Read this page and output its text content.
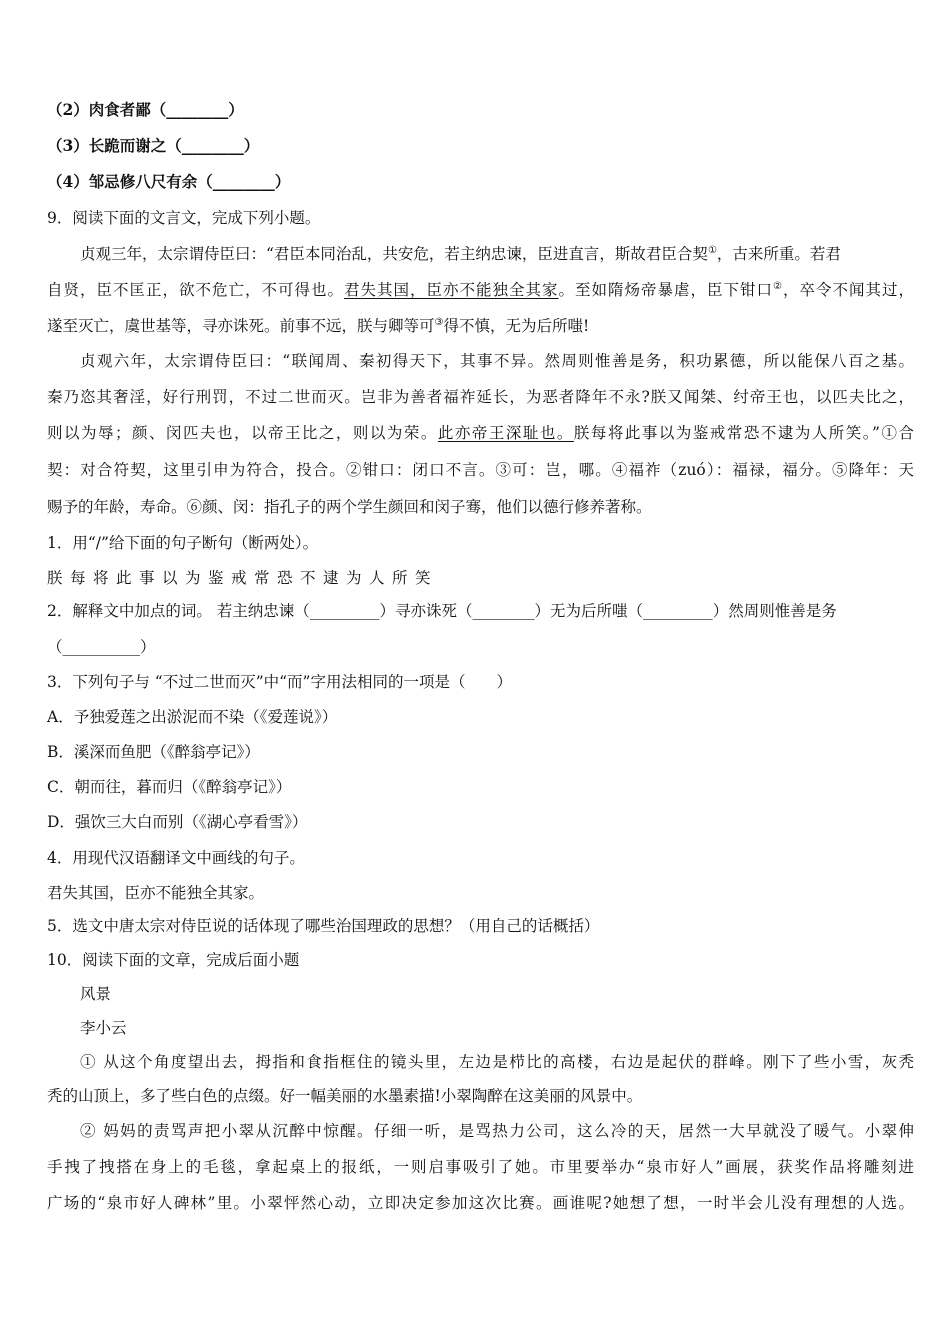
（2）肉食者鄙（________）
（3）长跪而谢之（________）
（4）邹忌修八尺有余（________）
9．阅读下面的文言文，完成下列小题。
贞观三年，太宗谓侍臣曰：“君臣本同治乱，共安危，若主纳忠谏，臣进直言，斯故君臣合契①，古来所重。若君
自贤，臣不匡正，欲不危亡，不可得也。君失其国，臣亦不能独全其家。至如隋炀帝暴虐，臣下钳口②，卒令不闻其过，
遂至灭亡，虞世基等，寻亦诛死。前事不远，朕与卿等可③得不慎，无为后所嗤!
贞观六年，太宗谓侍臣曰：“联闻周、秦初得天下，其事不异。然周则惟善是务，积功累德，所以能保八百之基。
秦乃恣其奢淫，好行刑罚，不过二世而灭。岂非为善者福祚延长，为恶者降年不永?朕又闻桀、纣帝王也，以匹夫比之，
则以为辱；颜、闵匹夫也，以帝王比之，则以为荣。此亦帝王深耻也。朕每将此事以为鉴戒常恐不逮为人所笑。”①合
契：对合符契，这里引申为符合，投合。②钳口：闭口不言。③可：岂，哪。④福祚（zuó）：福禄，福分。⑤降年：天
赐予的年龄，寿命。⑥颜、闵：指孔子的两个学生颜回和闵子骞，他们以德行修养著称。
1．用“/”给下面的句子断句（断两处）。
朕每将此事以为鉴戒常恐不逮为人所笑
2．解释文中加点的词。 若主纳忠谏（_________）寻亦诛死（________）无为后所嗤（_________）然周则惟善是务
（__________）
3．下列句子与 “不过二世而灭”中“而”字用法相同的一项是（　　）
A．予独爱莲之出淤泥而不染（《爱莲说》）
B．溪深而鱼肥（《醉翁亭记》）
C．朝而往，暮而归（《醉翁亭记》）
D．强饮三大白而别（《湖心亭看雪》）
4．用现代汉语翻译文中画线的句子。
君失其国，臣亦不能独全其家。
5．选文中唐太宗对侍臣说的话体现了哪些治国理政的思想？（用自己的话概括）
10．阅读下面的文章，完成后面小题
风景
李小云
① 从这个角度望出去，拇指和食指框住的镜头里，左边是栉比的高楼，右边是起伏的群峰。刚下了些小雪，灰秃
秃的山顶上，多了些白色的点缀。好一幅美丽的水墨素描!小翠陶醉在这美丽的风景中。
② 妈妈的责骂声把小翠从沉醉中惊醒。仔细一听，是骂热力公司，这么冷的天，居然一大早就没了暖气。小翠伸
手拽了拽搭在身上的毛毯，拿起桌上的报纸，一则启事吸引了她。市里要举办“泉市好人”画展，获奖作品将雕刻进
广场的“泉市好人碑林”里。小翠怦然心动，立即决定参加这次比赛。画谁呢?她想了想，一时半会儿没有理想的人选。
